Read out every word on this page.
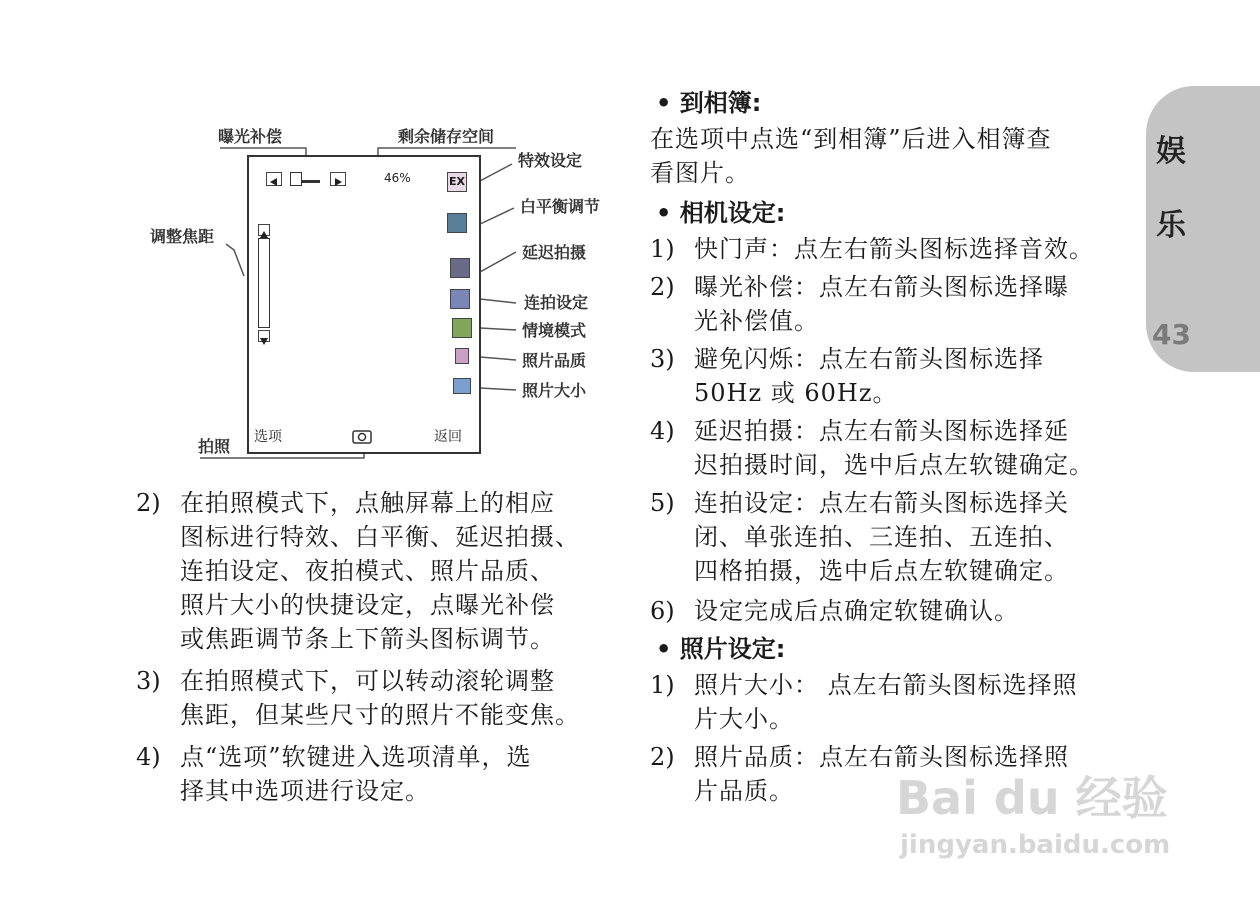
娱
乐
43
曝光补偿	剩余储存空间
特效设定
白平衡调节
调整焦距
延迟拍摄
连拍设定
情境模式
照片品质
照片大小
拍照
46%	EX
选项	返回
2) 在拍照模式下，点触屏幕上的相应
图标进行特效、白平衡、延迟拍摄、
连拍设定、夜拍模式、照片品质、
照片大小的快捷设定，点曝光补偿
或焦距调节条上下箭头图标调节。
3) 在拍照模式下，可以转动滚轮调整
焦距，但某些尺寸的照片不能变焦。
4) 点“选项”软键进入选项清单，选
择其中选项进行设定。
• 到相簿:
在选项中点选“到相簿”后进入相簿查
看图片。
• 相机设定:
1) 快门声：点左右箭头图标选择音效。
2) 曝光补偿：点左右箭头图标选择曝
光补偿值。
3) 避免闪烁：点左右箭头图标选择
50Hz 或 60Hz。
4) 延迟拍摄：点左右箭头图标选择延
迟拍摄时间，选中后点左软键确定。
5) 连拍设定：点左右箭头图标选择关
闭、单张连拍、三连拍、五连拍、
四格拍摄，选中后点左软键确定。
6) 设定完成后点确定软键确认。
• 照片设定:
1) 照片大小： 点左右箭头图标选择照
片大小。
2) 照片品质：点左右箭头图标选择照
片品质。 Bai du 经验
jingyan.baidu.com
